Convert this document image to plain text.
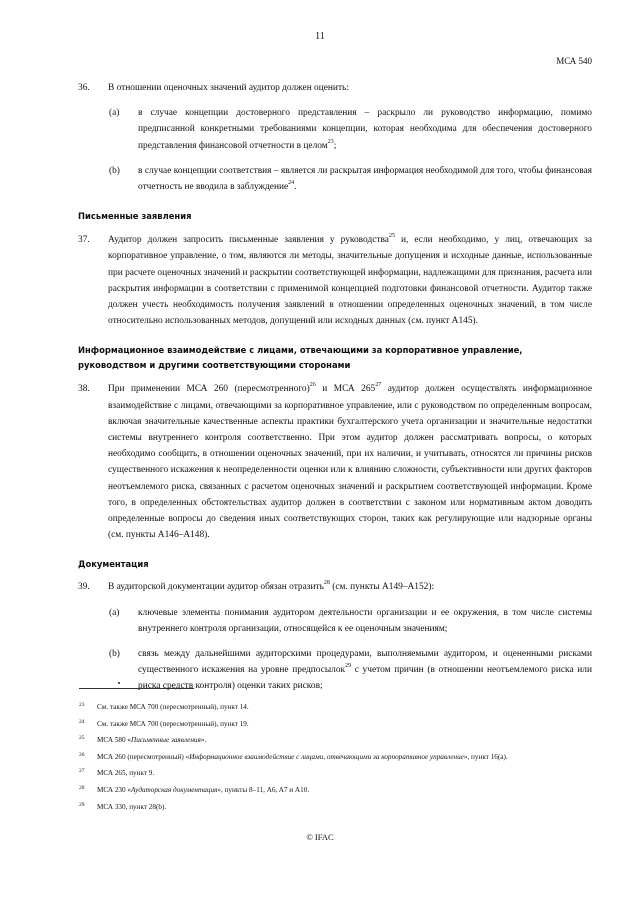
11
МСА 540
36. В отношении оценочных значений аудитор должен оценить:

(a) в случае концепции достоверного представления – раскрыло ли руководство информацию, помимо предписанной конкретными требованиями концепции, которая необходима для обеспечения достоверного представления финансовой отчетности в целом$^{23}$;

(b) в случае концепции соответствия – является ли раскрытая информация необходимой для того, чтобы финансовая отчетность не вводила в заблуждение$^{24}$.

Письменные заявления
37. Аудитор должен запросить письменные заявления у руководства$^{25}$ и, если необходимо, у лиц, отвечающих за корпоративное управление, о том, являются ли методы, значительные допущения и исходные данные, использованные при расчете оценочных значений и раскрытии соответствующей информации, надлежащими для признания, расчета или раскрытия информации в соответствии с применимой концепцией подготовки финансовой отчетности. Аудитор также должен учесть необходимость получения заявлений в отношении определенных оценочных значений, в том числе относительно использованных методов, допущений или исходных данных (см. пункт A145).

Информационное взаимодействие с лицами, отвечающими за корпоративное управление, руководством и другими соответствующими сторонами
38. При применении МСА 260 (пересмотренного)$^{26}$ и МСА $265^{27}$ аудитор должен осуществлять информационное взаимодействие с лицами, отвечающими за корпоративное управление, или с руководством по определенным вопросам, включая значительные качественные аспекты практики бухгалтерского учета организации и значительные недостатки системы внутреннего контроля соответственно. При этом аудитор должен рассматривать вопросы, о которых необходимо сообщить, в отношении оценочных значений, при их наличии, и учитывать, относятся ли причины рисков существенного искажения к неопределенности оценки или к влиянию сложности, субъективности или других факторов неотъемлемого риска, связанных с расчетом оценочных значений и раскрытием соответствующей информации. Кроме того, в определенных обстоятельствах аудитор должен в соответствии с законом или нормативным актом доводить определенные вопросы до сведения иных соответствующих сторон, таких как регулирующие или надзорные органы (см. пункты A146–A148).

Документация
39. В аудиторской документации аудитор обязан отразить$^{28}$ (см. пункты A149–A152):

(a) ключевые элементы понимания аудитором деятельности организации и ее окружения, в том числе системы внутреннего контроля организации, относящейся к ее оценочным значениям;

(b) связь между дальнейшими аудиторскими процедурами, выполняемыми аудитором, и оцененными рисками существенного искажения на уровне предпосылок$^{29}$ с учетом причин (в отношении неотъемлемого риска или риска средств контроля) оценки таких рисков;

23 См. также МСА 700 (пересмотренный), пункт 14.
24 См. также МСА 700 (пересмотренный), пункт 19.
25 МСА 580 «Письменные заявления».
26 МСА 260 (пересмотренный) «Информационное взаимодействие с лицами, отвечающими за корпоративное управление», пункт 16(a).
27 МСА 265, пункт 9.
28 МСА 230 «Аудиторская документация», пункты 8–11, A6, A7 и A10.
29 МСА 330, пункт 28(b).
© IFAC
